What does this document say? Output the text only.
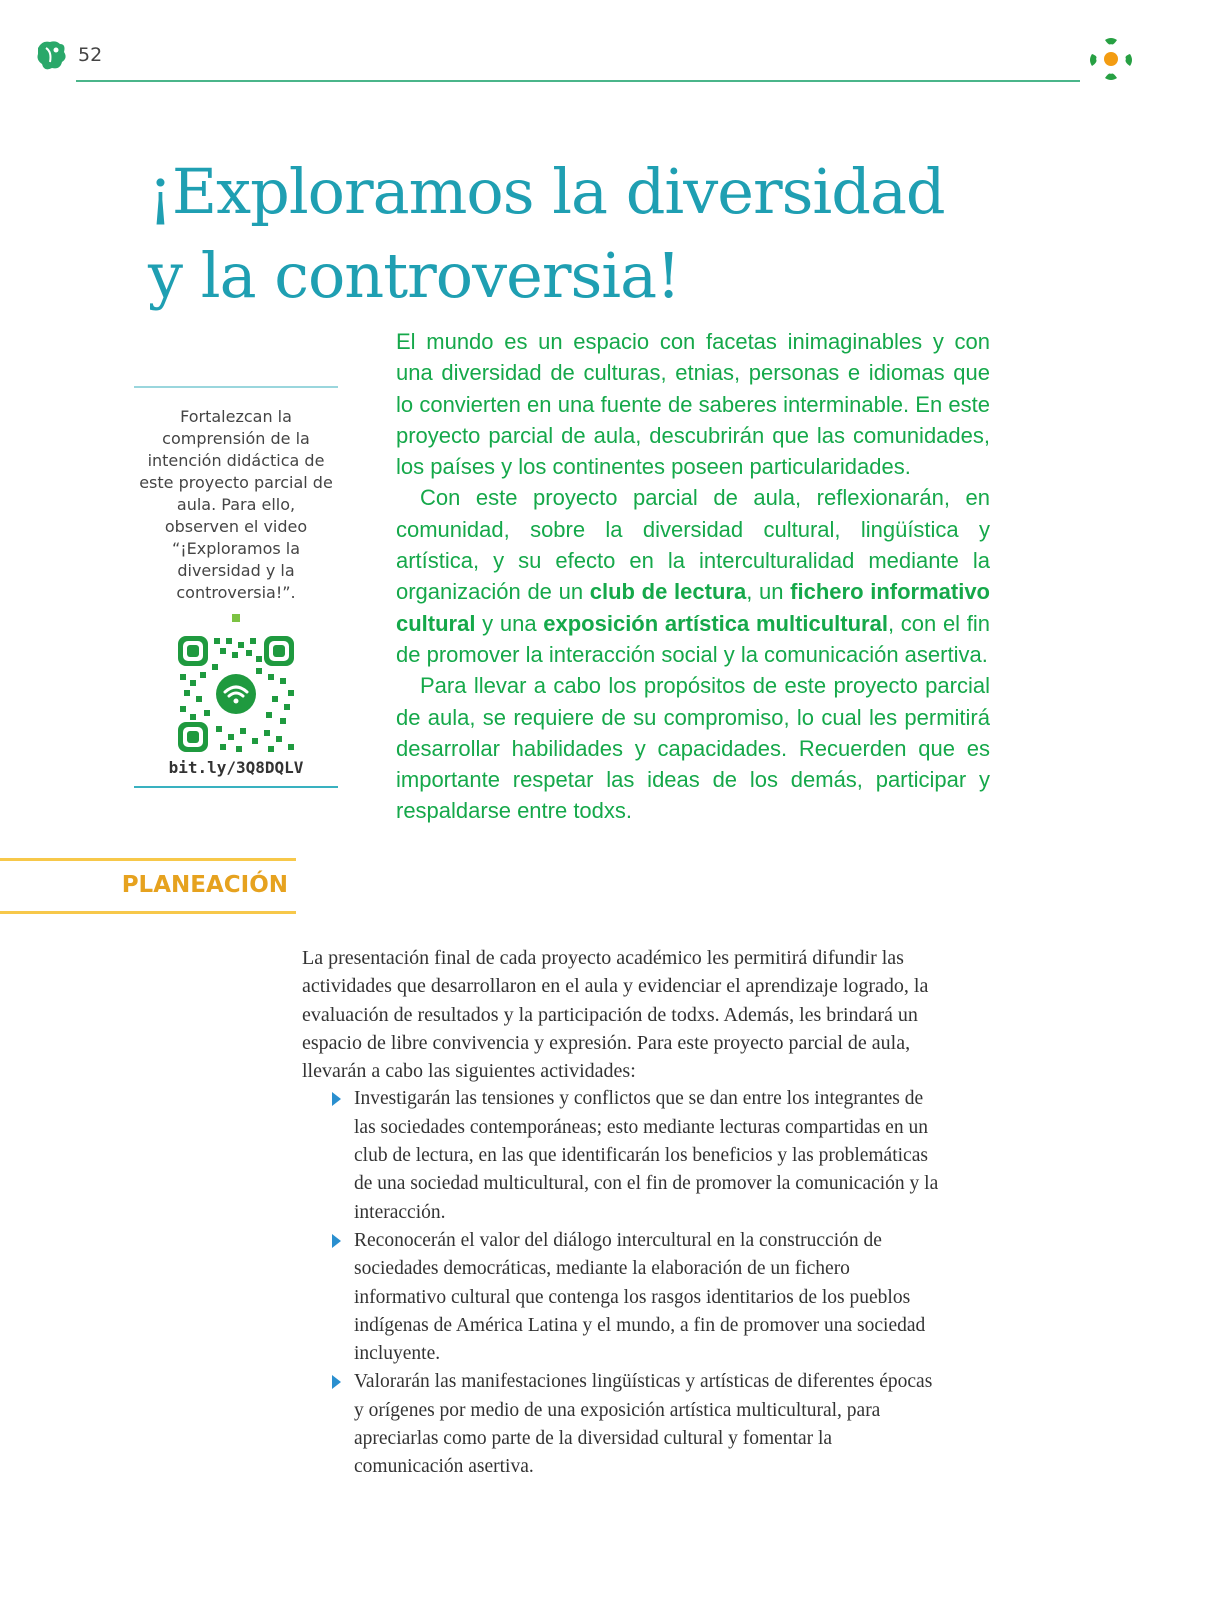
52
¡Exploramos la diversidad
y la controversia!
Fortalezcan la comprensión de la intención didáctica de este proyecto parcial de aula. Para ello, observen el video “¡Exploramos la diversidad y la controversia!”.
bit.ly/3Q8DQLV

El mundo es un espacio con facetas inimaginables y con una diversidad de culturas, etnias, personas e idiomas que lo convierten en una fuente de saberes interminable. En este proyecto parcial de aula, descubrirán que las comunidades, los países y los continentes poseen particularidades.

Con este proyecto parcial de aula, reflexionarán, en comunidad, sobre la diversidad cultural, lingüística y artística, y su efecto en la interculturalidad mediante la organización de un club de lectura, un fichero informativo cultural y una exposición artística multicultural, con el fin de promover la interacción social y la comunicación asertiva.

Para llevar a cabo los propósitos de este proyecto parcial de aula, se requiere de su compromiso, lo cual les permitirá desarrollar habilidades y capacidades. Recuerden que es importante respetar las ideas de los demás, participar y respaldarse entre todxs.

PLANEACIÓN

La presentación final de cada proyecto académico les permitirá difundir las actividades que desarrollaron en el aula y evidenciar el aprendizaje logrado, la evaluación de resultados y la participación de todxs. Además, les brindará un espacio de libre convivencia y expresión. Para este proyecto parcial de aula, llevarán a cabo las siguientes actividades:

Investigarán las tensiones y conflictos que se dan entre los integrantes de las sociedades contemporáneas; esto mediante lecturas compartidas en un club de lectura, en las que identificarán los beneficios y las problemáticas de una sociedad multicultural, con el fin de promover la comunicación y la interacción.
Reconocerán el valor del diálogo intercultural en la construcción de sociedades democráticas, mediante la elaboración de un fichero informativo cultural que contenga los rasgos identitarios de los pueblos indígenas de América Latina y el mundo, a fin de promover una sociedad incluyente.
Valorarán las manifestaciones lingüísticas y artísticas de diferentes épocas y orígenes por medio de una exposición artística multicultural, para apreciarlas como parte de la diversidad cultural y fomentar la comunicación asertiva.
